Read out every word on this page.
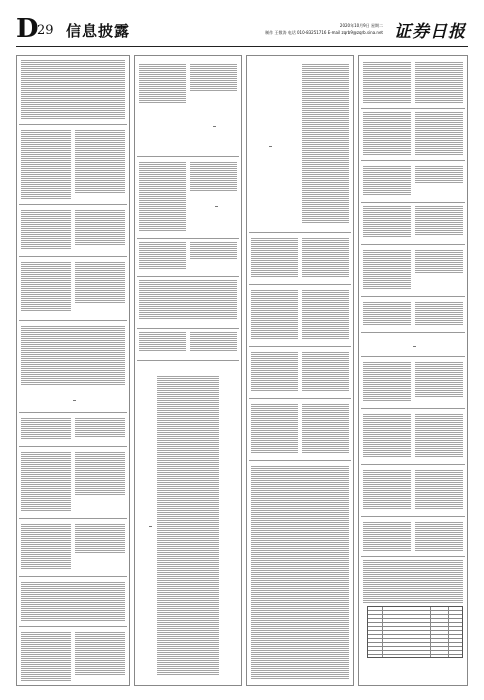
D
29 信息披露	2020年10月9日 星期二
制作 王敬涛 电话 010-83251716 E-mail zqrb9@zqrb.sina.net 证券日报
